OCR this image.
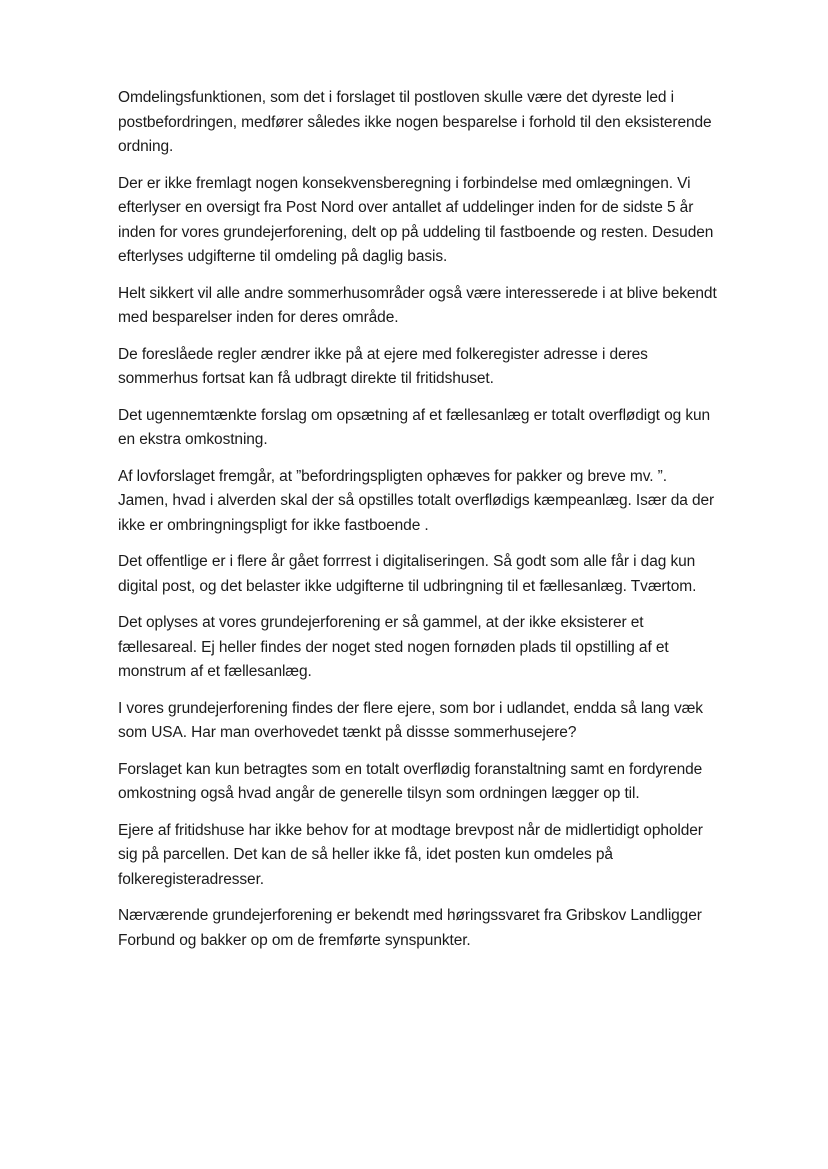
Omdelingsfunktionen, som det i forslaget til postloven skulle være det dyreste led i postbefordringen, medfører således ikke nogen besparelse i forhold til den eksisterende ordning.

Der er ikke fremlagt nogen konsekvensberegning i forbindelse med omlægningen. Vi efterlyser en oversigt fra Post Nord over antallet af uddelinger inden for de sidste 5 år inden for vores grundejerforening, delt op på uddeling til fastboende og resten. Desuden efterlyses udgifterne til omdeling på daglig basis.

Helt sikkert vil alle andre sommerhusområder også være interesserede i at blive bekendt med besparelser inden for deres område.

De foreslåede regler ændrer ikke på at ejere med folkeregister adresse i deres sommerhus fortsat kan få udbragt direkte til fritidshuset.

Det ugennemtænkte forslag om opsætning af et fællesanlæg er totalt overflødigt og kun en ekstra omkostning.

Af lovforslaget fremgår, at ”befordringspligten ophæves for pakker og breve mv. ”. Jamen, hvad i alverden skal der så opstilles totalt overflødigs kæmpeanlæg. Især da der ikke er ombringningspligt for ikke fastboende .

Det offentlige er i flere år gået forrrest i digitaliseringen. Så godt som alle får i dag kun digital post, og det belaster ikke udgifterne til udbringning til et fællesanlæg. Tværtom.

Det oplyses at vores grundejerforening er så gammel, at der ikke eksisterer et fællesareal. Ej heller findes der noget sted nogen fornøden plads til opstilling af et monstrum af et fællesanlæg.

I vores grundejerforening findes der flere ejere, som bor i udlandet, endda så lang væk som USA. Har man overhovedet tænkt på dissse sommerhusejere?

Forslaget kan kun betragtes som en totalt overflødig foranstaltning samt en fordyrende omkostning også hvad angår de generelle tilsyn som ordningen lægger op til.

Ejere af fritidshuse har ikke behov for at modtage brevpost når de midlertidigt opholder sig på parcellen. Det kan de så heller ikke få, idet posten kun omdeles på folkeregisteradresser.

Nærværende grundejerforening er bekendt med høringssvaret fra Gribskov Landligger Forbund og bakker op om de fremførte synspunkter.
